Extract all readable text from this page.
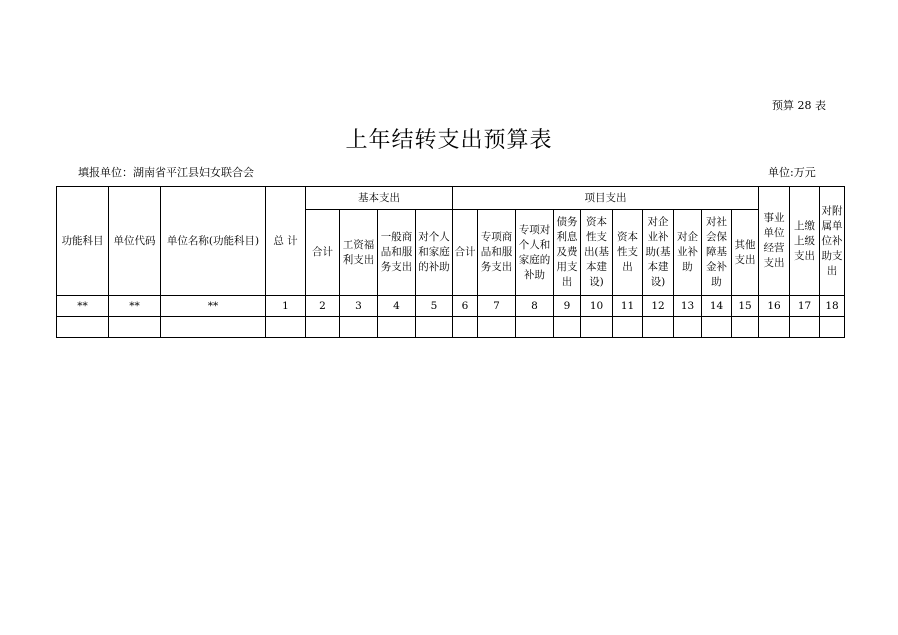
预算 28 表
上年结转支出预算表
填报单位：湖南省平江县妇女联合会	单位:万元
功能科目	单位代码	单位名称(功能科目)	总 计	基本支出				项目支出										事业单位经营支出	上缴上级支出	对附属单位补助支出
				合计	工资福利支出	一般商品和服务支出	对个人和家庭的补助	合计	专项商品和服务支出	专项对个人和家庭的补助	债务利息及费用支出	资本性支出(基本建设)	资本性支出	对企业补助(基本建设)	对企业补助	对社会保障基金补助	其他支出			
**	**	**	1	2	3	4	5	6	7	8	9	10	11	12	13	14	15	16	17	18
